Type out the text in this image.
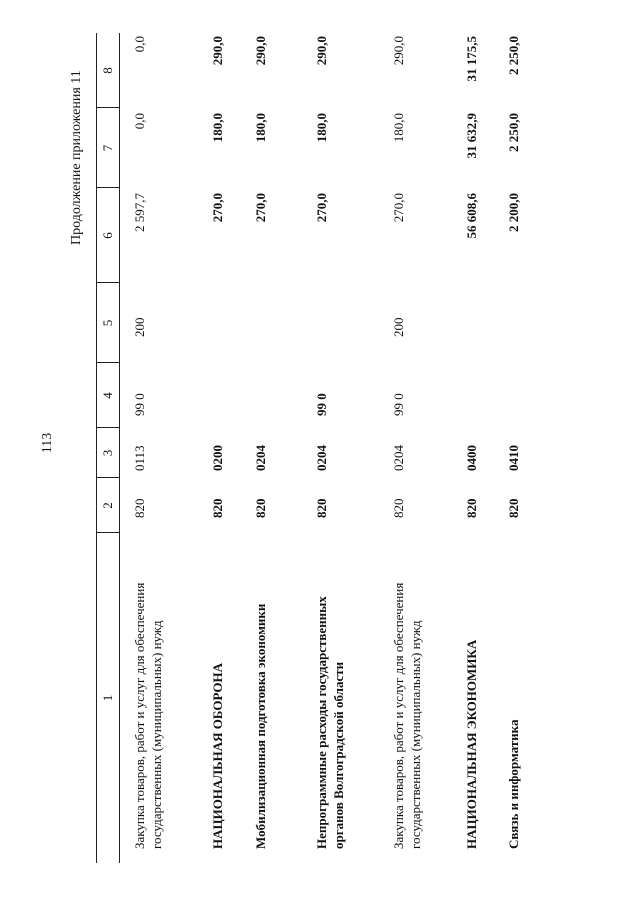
113
Продолжение приложения 11
1
2
3
4
5
6
7
8
Закупка товаров, работ и услуг для обеспечения государственных (муниципальных) нужд
820
0113
99 0
200
2 597,7
0,0
0,0
НАЦИОНАЛЬНАЯ ОБОРОНА
820
0200
270,0
180,0
290,0
Мобилизационная подготовка экономики
820
0204
270,0
180,0
290,0
Непрограммные расходы государственных органов Волгоградской области
820
0204
99 0
270,0
180,0
290,0
Закупка товаров, работ и услуг для обеспечения государственных (муниципальных) нужд
820
0204
99 0
200
270,0
180,0
290,0
НАЦИОНАЛЬНАЯ ЭКОНОМИКА
820
0400
56 608,6
31 632,9
31 175,5
Связь и информатика
820
0410
2 200,0
2 250,0
2 250,0
